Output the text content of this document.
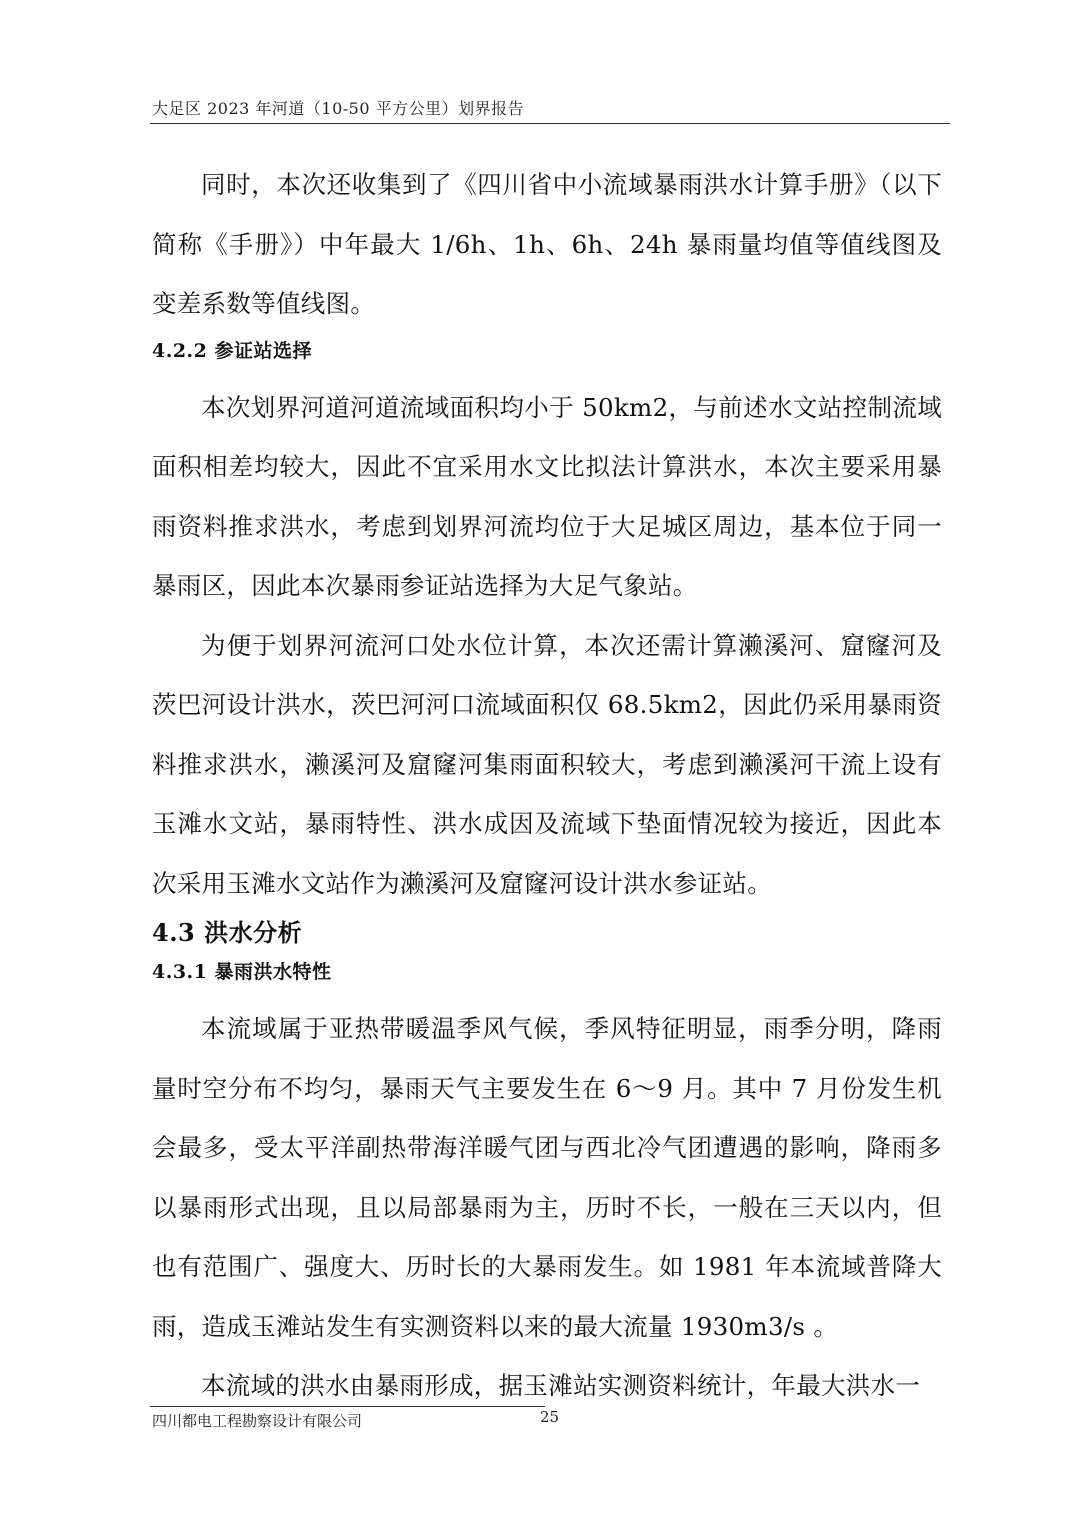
大足区 2023 年河道（10-50 平方公里）划界报告

同时，本次还收集到了《四川省中小流域暴雨洪水计算手册》（以下简称《手册》）中年最大 1/6h、1h、6h、24h 暴雨量均值等值线图及变差系数等值线图。

4.2.2 参证站选择

本次划界河道河道流域面积均小于 50km2，与前述水文站控制流域面积相差均较大，因此不宜采用水文比拟法计算洪水，本次主要采用暴雨资料推求洪水，考虑到划界河流均位于大足城区周边，基本位于同一暴雨区，因此本次暴雨参证站选择为大足气象站。

为便于划界河流河口处水位计算，本次还需计算濑溪河、窟窿河及茨巴河设计洪水，茨巴河河口流域面积仅 68.5km2，因此仍采用暴雨资料推求洪水，濑溪河及窟窿河集雨面积较大，考虑到濑溪河干流上设有玉滩水文站，暴雨特性、洪水成因及流域下垫面情况较为接近，因此本次采用玉滩水文站作为濑溪河及窟窿河设计洪水参证站。

4.3 洪水分析
4.3.1 暴雨洪水特性

本流域属于亚热带暖温季风气候，季风特征明显，雨季分明，降雨量时空分布不均匀，暴雨天气主要发生在 6～9 月。其中 7 月份发生机会最多，受太平洋副热带海洋暖气团与西北冷气团遭遇的影响，降雨多以暴雨形式出现，且以局部暴雨为主，历时不长，一般在三天以内，但也有范围广、强度大、历时长的大暴雨发生。如 1981 年本流域普降大雨，造成玉滩站发生有实测资料以来的最大流量 1930m3/s 。

本流域的洪水由暴雨形成，据玉滩站实测资料统计，年最大洪水一

四川都电工程勘察设计有限公司	25
